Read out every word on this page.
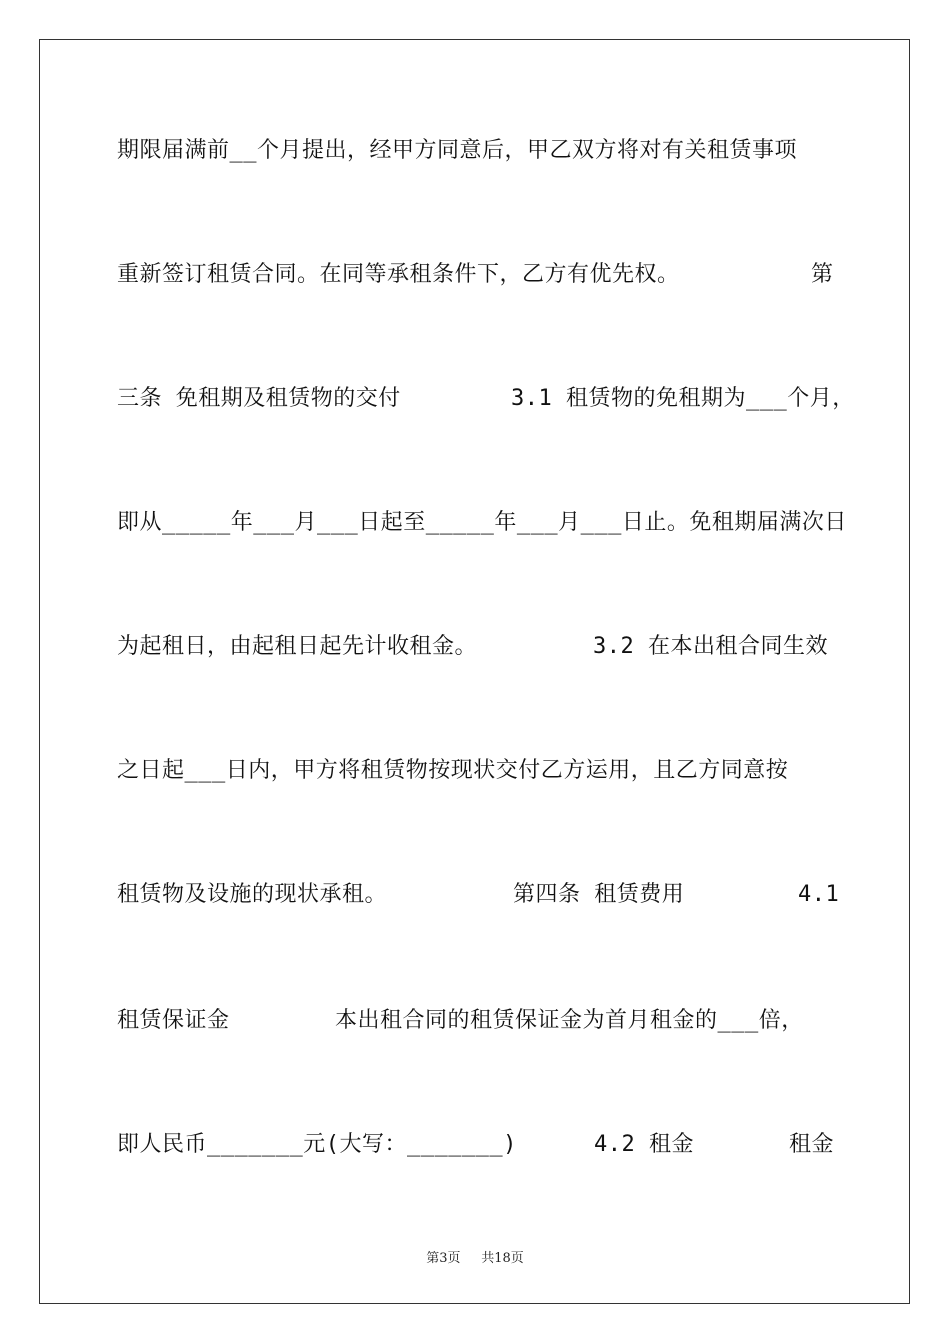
期限届满前__个月提出，经甲方同意后，甲乙双方将对有关租赁事项

重新签订租赁合同。在同等承租条件下，乙方有优先权。

	第

三条 免租期及租赁物的交付

	3.1 租赁物的免租期为___个月，

即从_____年___月___日起至_____年___月___日止。免租期届满次日

为起租日，由起租日起先计收租金。

	3.2 在本出租合同生效

之日起___日内，甲方将租赁物按现状交付乙方运用，且乙方同意按

租赁物及设施的现状承租。

	第四条 租赁费用

	4.1

租赁保证金

	本出租合同的租赁保证金为首月租金的___倍，

即人民币_______元(大写：_______)

	4.2 租金

	租金

第3页 共18页
